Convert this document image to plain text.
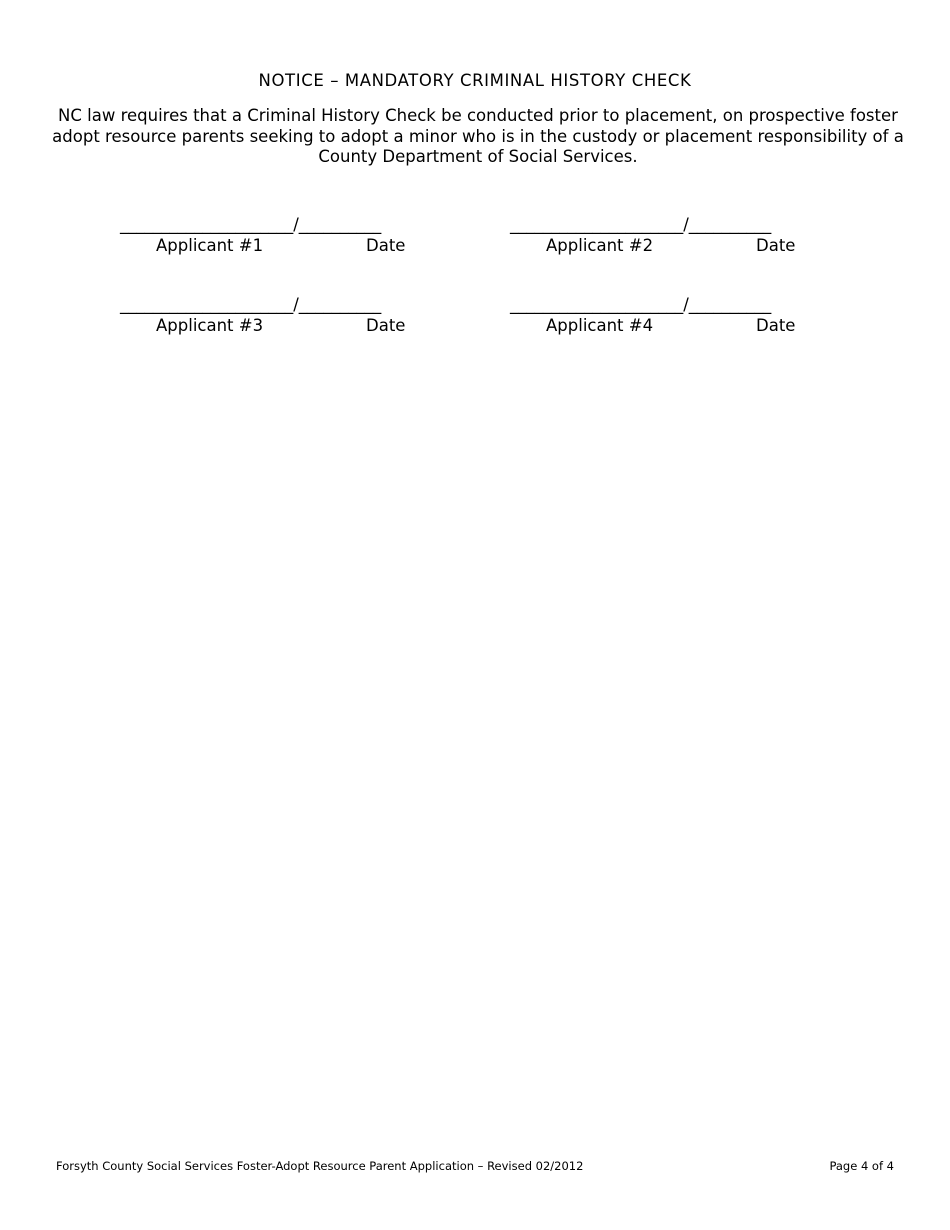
NOTICE – MANDATORY CRIMINAL HISTORY CHECK
NC law requires that a Criminal History Check be conducted prior to placement, on prospective foster adopt resource parents seeking to adopt a minor who is in the custody or placement responsibility of a County Department of Social Services.
_____________________/__________
Applicant #1	Date
_____________________/__________
Applicant #2	Date
_____________________/__________
Applicant #3	Date
_____________________/__________
Applicant #4	Date
Forsyth County Social Services Foster-Adopt Resource Parent Application – Revised 02/2012	Page 4 of 4
